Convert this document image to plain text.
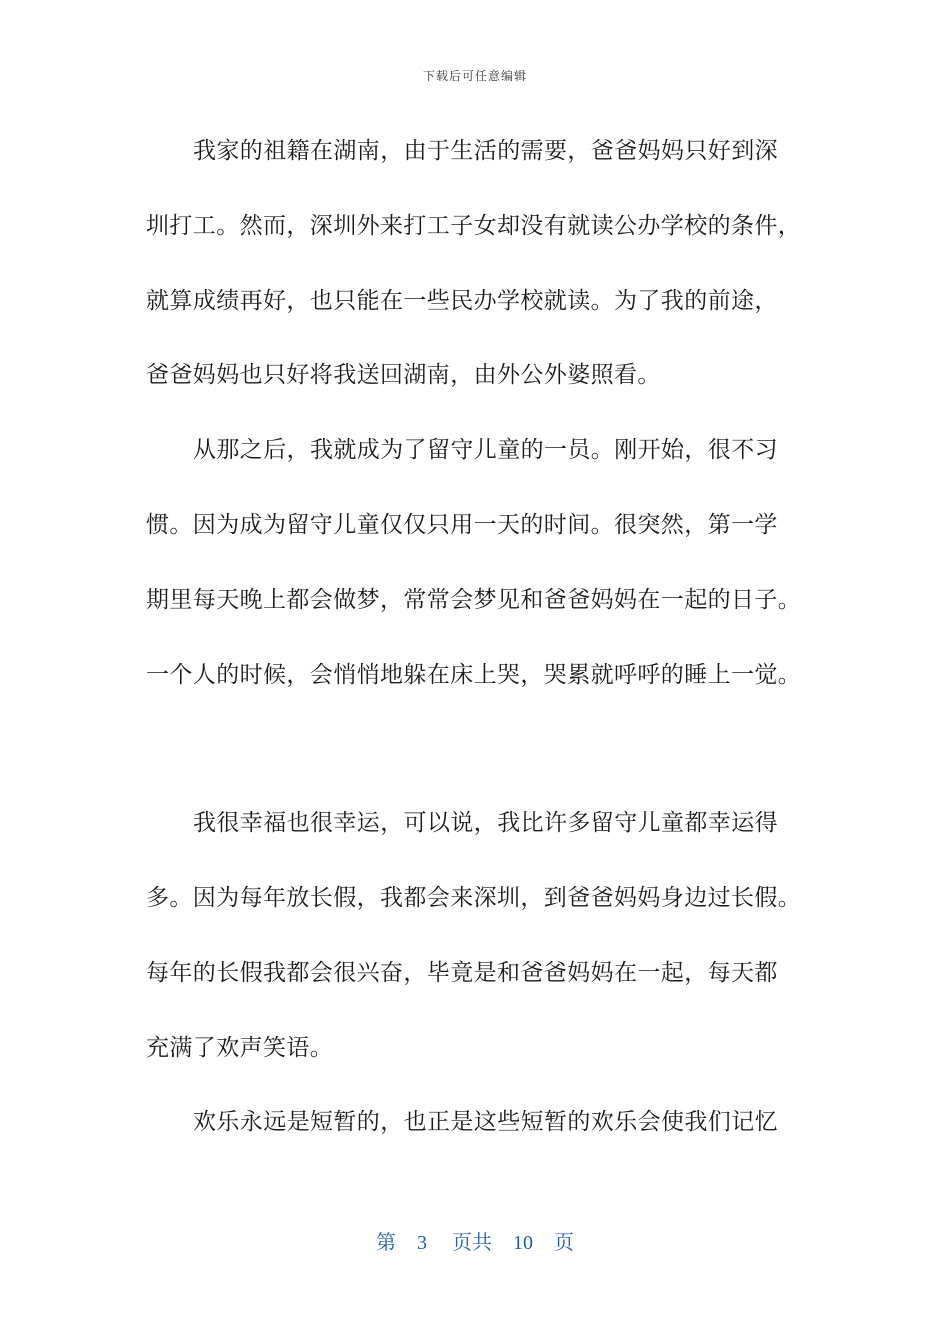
下载后可任意编辑
我家的祖籍在湖南，由于生活的需要，爸爸妈妈只好到深
圳打工。然而，深圳外来打工子女却没有就读公办学校的条件，
就算成绩再好，也只能在一些民办学校就读。为了我的前途，
爸爸妈妈也只好将我送回湖南，由外公外婆照看。
从那之后，我就成为了留守儿童的一员。刚开始，很不习
惯。因为成为留守儿童仅仅只用一天的时间。很突然，第一学
期里每天晚上都会做梦，常常会梦见和爸爸妈妈在一起的日子。
一个人的时候，会悄悄地躲在床上哭，哭累就呼呼的睡上一觉。
我很幸福也很幸运，可以说，我比许多留守儿童都幸运得
多。因为每年放长假，我都会来深圳，到爸爸妈妈身边过长假。
每年的长假我都会很兴奋，毕竟是和爸爸妈妈在一起，每天都
充满了欢声笑语。
欢乐永远是短暂的，也正是这些短暂的欢乐会使我们记忆
第 3 页共 10 页
